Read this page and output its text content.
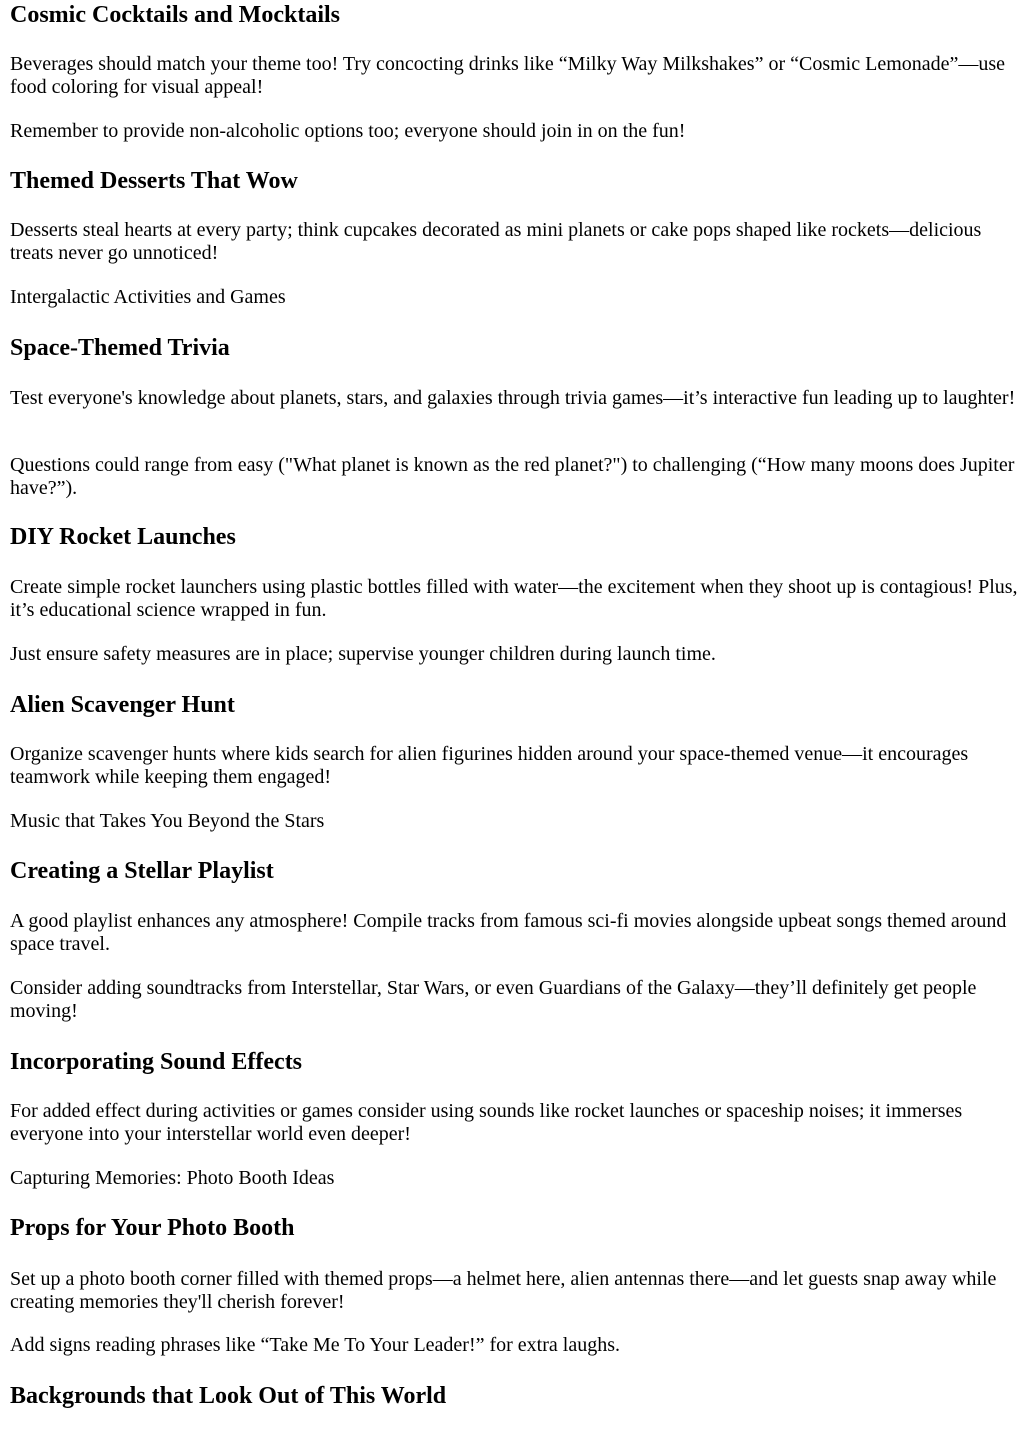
Cosmic Cocktails and Mocktails

Beverages should match your theme too! Try concocting drinks like “Milky Way Milkshakes” or “Cosmic Lemonade”—use food coloring for visual appeal!

Remember to provide non-alcoholic options too; everyone should join in on the fun!

Themed Desserts That Wow

Desserts steal hearts at every party; think cupcakes decorated as mini planets or cake pops shaped like rockets—delicious treats never go unnoticed!

Intergalactic Activities and Games

Space-Themed Trivia

Test everyone's knowledge about planets, stars, and galaxies through trivia games—it’s interactive fun leading up to laughter!

Questions could range from easy ("What planet is known as the red planet?") to challenging (“How many moons does Jupiter have?”).

DIY Rocket Launches

Create simple rocket launchers using plastic bottles filled with water—the excitement when they shoot up is contagious! Plus, it’s educational science wrapped in fun.

Just ensure safety measures are in place; supervise younger children during launch time.

Alien Scavenger Hunt

Organize scavenger hunts where kids search for alien figurines hidden around your space-themed venue—it encourages teamwork while keeping them engaged!

Music that Takes You Beyond the Stars

Creating a Stellar Playlist

A good playlist enhances any atmosphere! Compile tracks from famous sci-fi movies alongside upbeat songs themed around space travel.

Consider adding soundtracks from Interstellar, Star Wars, or even Guardians of the Galaxy—they’ll definitely get people moving!

Incorporating Sound Effects

For added effect during activities or games consider using sounds like rocket launches or spaceship noises; it immerses everyone into your interstellar world even deeper!

Capturing Memories: Photo Booth Ideas

Props for Your Photo Booth

Set up a photo booth corner filled with themed props—a helmet here, alien antennas there—and let guests snap away while creating memories they'll cherish forever!

Add signs reading phrases like “Take Me To Your Leader!” for extra laughs.

Backgrounds that Look Out of This World
